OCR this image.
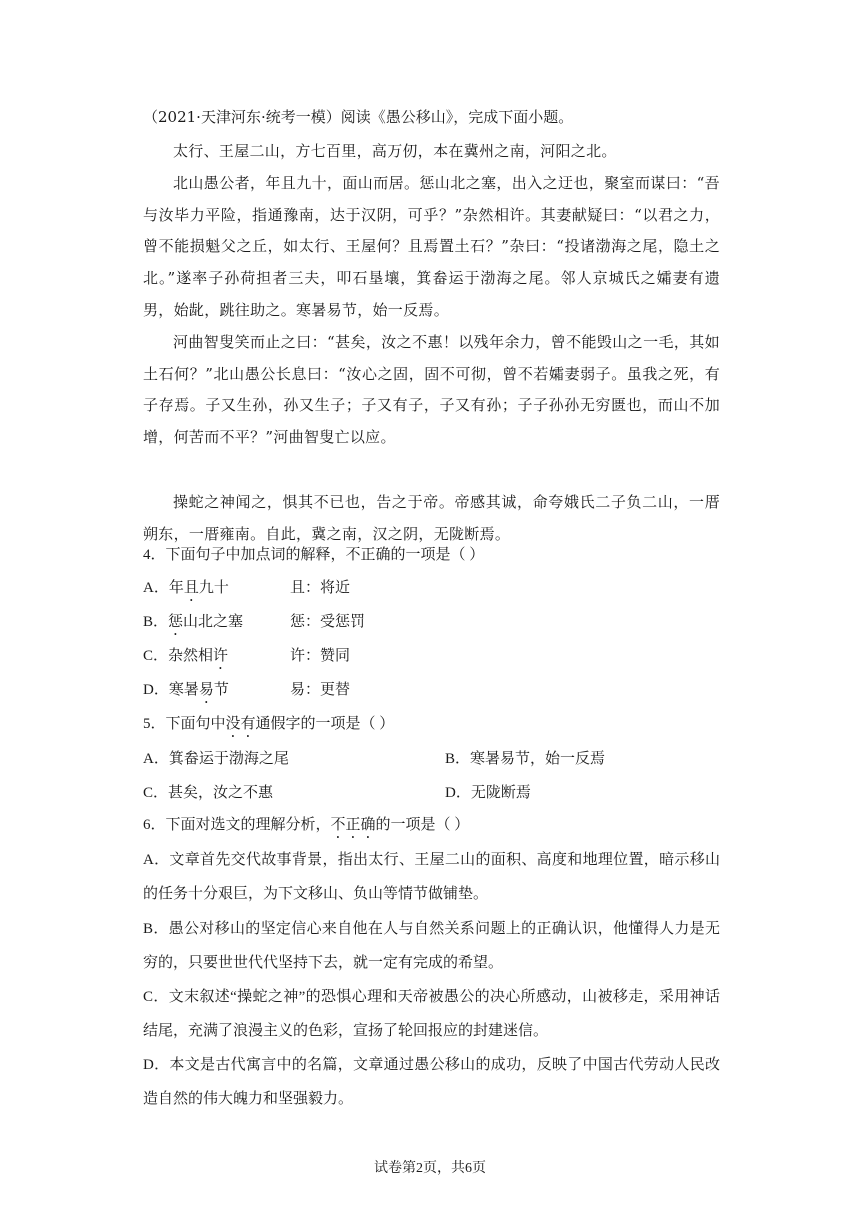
（2021·天津河东·统考一模）阅读《愚公移山》，完成下面小题。
太行、王屋二山，方七百里，高万仞，本在冀州之南，河阳之北。
北山愚公者，年且九十，面山而居。惩山北之塞，出入之迂也，聚室而谋曰：“吾与汝毕力平险，指通豫南，达于汉阴，可乎？”杂然相许。其妻献疑曰：“以君之力，曾不能损魁父之丘，如太行、王屋何？且焉置土石？”杂曰：“投诸渤海之尾，隐土之北。”遂率子孙荷担者三夫，叩石垦壤，箕畚运于渤海之尾。邻人京城氏之孀妻有遗男，始龀，跳往助之。寒暑易节，始一反焉。
河曲智叟笑而止之曰：“甚矣，汝之不惠！以残年余力，曾不能毁山之一毛，其如土石何？”北山愚公长息曰：“汝心之固，固不可彻，曾不若孀妻弱子。虽我之死，有子存焉。子又生孙，孙又生子；子又有子，子又有孙；子子孙孙无穷匮也，而山不加增，何苦而不平？”河曲智叟亡以应。
操蛇之神闻之，惧其不已也，告之于帝。帝感其诚，命夸娥氏二子负二山，一厝朔东，一厝雍南。自此，冀之南，汉之阴，无陇断焉。
4．下面句子中加点词的解释，不正确的一项是（ ）
A．年且九十	且：将近
B．惩山北之塞	惩：受惩罚
C．杂然相许	许：赞同
D．寒暑易节	易：更替
5．下面句中没有通假字的一项是（ ）
A．箕畚运于渤海之尾	B．寒暑易节，始一反焉
C．甚矣，汝之不惠	D．无陇断焉
6．下面对选文的理解分析，不正确的一项是（ ）
A．文章首先交代故事背景，指出太行、王屋二山的面积、高度和地理位置，暗示移山的任务十分艰巨，为下文移山、负山等情节做铺垫。
B．愚公对移山的坚定信心来自他在人与自然关系问题上的正确认识，他懂得人力是无穷的，只要世世代代坚持下去，就一定有完成的希望。
C．文末叙述“操蛇之神”的恐惧心理和天帝被愚公的决心所感动，山被移走，采用神话结尾，充满了浪漫主义的色彩，宣扬了轮回报应的封建迷信。
D．本文是古代寓言中的名篇，文章通过愚公移山的成功，反映了中国古代劳动人民改造自然的伟大魄力和坚强毅力。
试卷第2页，共6页
